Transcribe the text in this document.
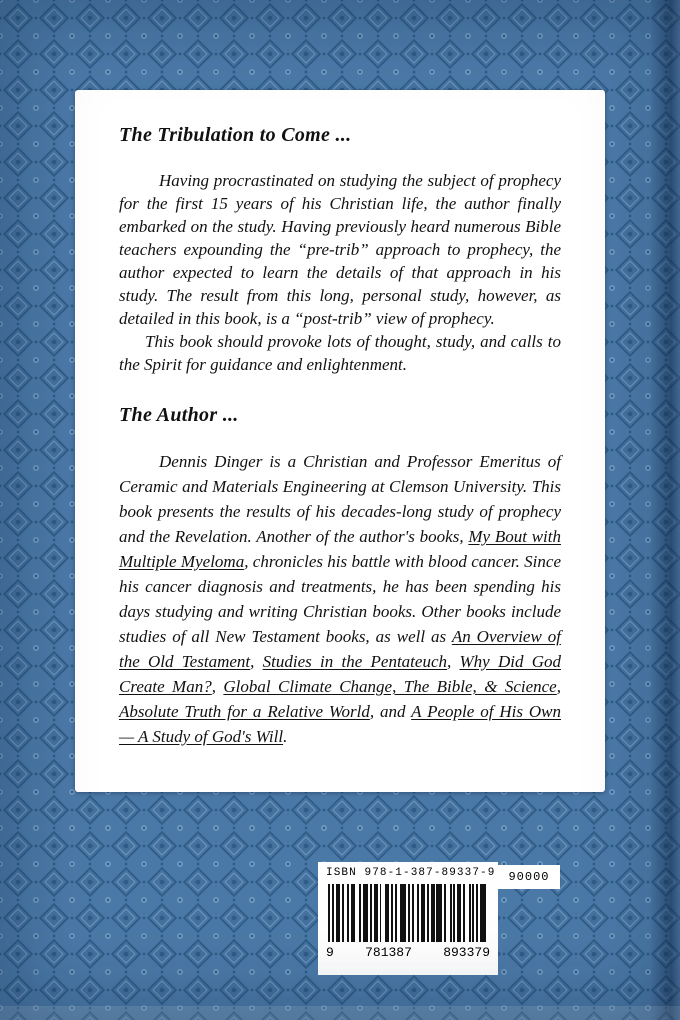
The Tribulation to Come ...

Having procrastinated on studying the subject of prophecy for the first 15 years of his Christian life, the author finally embarked on the study. Having previously heard numerous Bible teachers expounding the “pre-trib” approach to prophecy, the author expected to learn the details of that approach in his study. The result from this long, personal study, however, as detailed in this book, is a “post-trib” view of prophecy.

This book should provoke lots of thought, study, and calls to the Spirit for guidance and enlightenment.

The Author ...

Dennis Dinger is a Christian and Professor Emeritus of Ceramic and Materials Engineering at Clemson University. This book presents the results of his decades-long study of prophecy and the Revelation. Another of the author's books, My Bout with Multiple Myeloma, chronicles his battle with blood cancer. Since his cancer diagnosis and treatments, he has been spending his days studying and writing Christian books. Other books include studies of all New Testament books, as well as An Overview of the Old Testament, Studies in the Pentateuch, Why Did God Create Man?, Global Climate Change, The Bible, & Science, Absolute Truth for a Relative World, and A People of His Own — A Study of God's Will.

ISBN 978-1-387-89337-9
9 781387 893379
90000
